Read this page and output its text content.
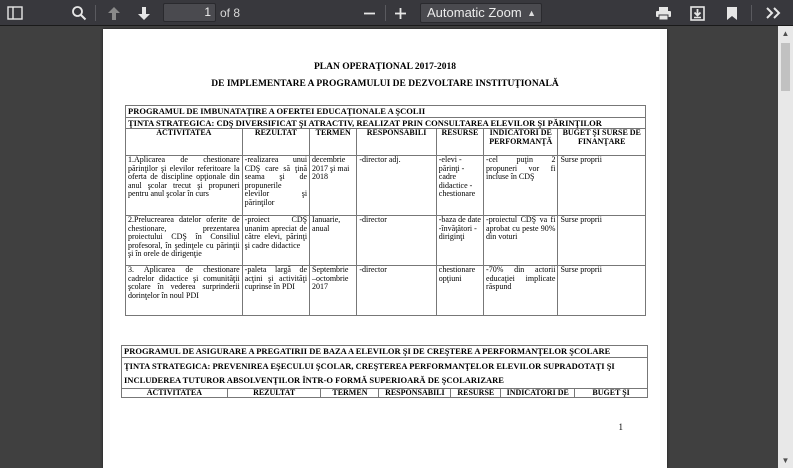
1 of 8	Automatic Zoom ▲

PLAN OPERAŢIONAL 2017-2018
DE IMPLEMENTARE A PROGRAMULUI DE DEZVOLTARE INSTITUŢIONALĂ
PROGRAMUL DE IMBUNATAŢIRE A OFERTEI EDUCAŢIONALE A ŞCOLII						
ŢINTA STRATEGICA: CDŞ DIVERSIFICAT ŞI ATRACTIV, REALIZAT PRIN CONSULTAREA ELEVILOR ŞI PĂRINŢILOR						
ACTIVITATEA	REZULTAT	TERMEN	RESPONSABILI	RESURSE	INDICATORI DE PERFORMANŢĂ	BUGET ŞI SURSE DE FINANŢARE
1.Aplicarea de chestionare părinţilor şi elevilor referitoare la oferta de discipline opţionale din anul şcolar trecut şi propuneri pentru anul şcolar în curs	-realizarea unui CDŞ care să ţină seama şi de propunerile elevilor şi părinţilor	decembrie 2017 şi mai 2018	-director adj.	-elevi -părinţi -cadre didactice -chestionare	-cel puţin 2 propuneri vor fi incluse în CDŞ	Surse proprii
2.Prelucrearea datelor oferite de chestionare, prezentarea proiectului CDŞ în Consiliul profesoral, în şedinţele cu părinţii şi în orele de dirigenţie	-proiect CDŞ unanim apreciat de către elevi, părinţi şi cadre didactice	Ianuarie, anual	-director	-baza de date -învăţători -diriginţi	-proiectul CDŞ va fi aprobat cu peste 90% din voturi	Surse proprii
3. Aplicarea de chestionare cadrelor didactice şi comunităţii şcolare în vederea surprinderii dorinţelor în noul PDI	-paleta largă de acţini şi activităţi cuprinse în PDI	Septembrie –octombrie 2017	-director	chestionare opţiuni	-70% din actorii educaţiei implicate răspund	Surse proprii
PROGRAMUL DE ASIGURARE A PREGATIRII DE BAZA A ELEVILOR ŞI DE CREŞTERE A PERFORMANŢELOR ŞCOLARE
ŢINTA STRATEGICA: PREVENIREA EŞECULUI ŞCOLAR, CREŞTEREA PERFORMANŢELOR ELEVILOR SUPRADOTAŢI ŞI INCLUDEREA TUTUROR ABSOLVENŢILOR ÎNTR-O FORMĂ SUPERIOARĂ DE ŞCOLARIZARE
ACTIVITATEA	REZULTAT	TERMEN	RESPONSABILI	RESURSE	INDICATORI DE	BUGET ŞI
1
▲
▼
